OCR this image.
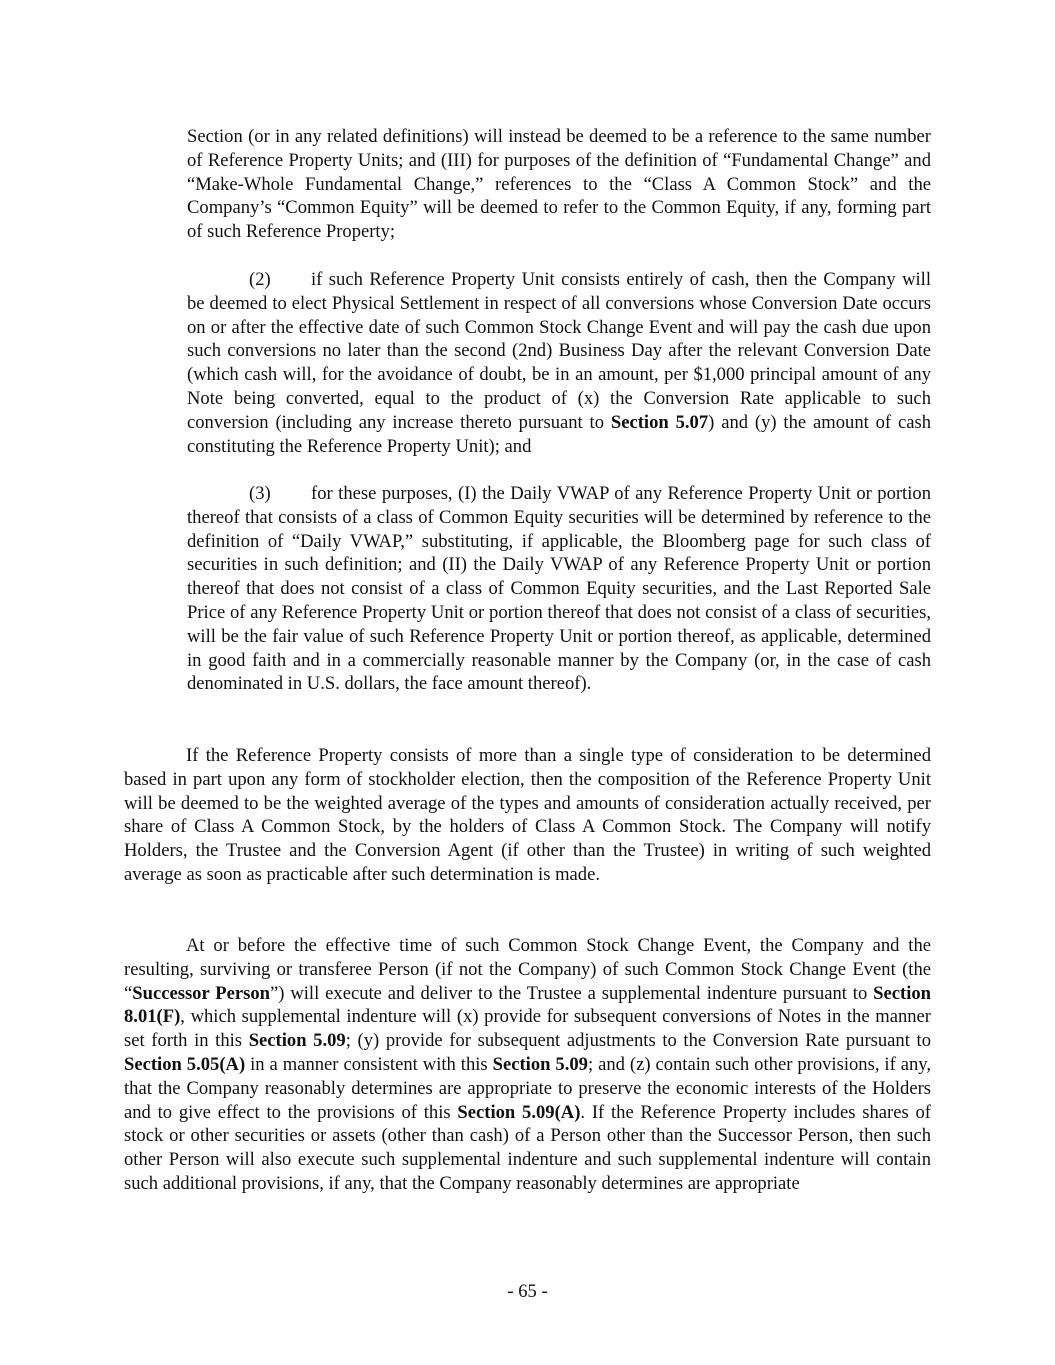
Section (or in any related definitions) will instead be deemed to be a reference to the same number of Reference Property Units; and (III) for purposes of the definition of “Fundamental Change” and “Make-Whole Fundamental Change,” references to the “Class A Common Stock” and the Company’s “Common Equity” will be deemed to refer to the Common Equity, if any, forming part of such Reference Property;

(2) if such Reference Property Unit consists entirely of cash, then the Company will be deemed to elect Physical Settlement in respect of all conversions whose Conversion Date occurs on or after the effective date of such Common Stock Change Event and will pay the cash due upon such conversions no later than the second (2nd) Business Day after the relevant Conversion Date (which cash will, for the avoidance of doubt, be in an amount, per $1,000 principal amount of any Note being converted, equal to the product of (x) the Conversion Rate applicable to such conversion (including any increase thereto pursuant to Section 5.07) and (y) the amount of cash constituting the Reference Property Unit); and

(3) for these purposes, (I) the Daily VWAP of any Reference Property Unit or portion thereof that consists of a class of Common Equity securities will be determined by reference to the definition of “Daily VWAP,” substituting, if applicable, the Bloomberg page for such class of securities in such definition; and (II) the Daily VWAP of any Reference Property Unit or portion thereof that does not consist of a class of Common Equity securities, and the Last Reported Sale Price of any Reference Property Unit or portion thereof that does not consist of a class of securities, will be the fair value of such Reference Property Unit or portion thereof, as applicable, determined in good faith and in a commercially reasonable manner by the Company (or, in the case of cash denominated in U.S. dollars, the face amount thereof).

If the Reference Property consists of more than a single type of consideration to be determined based in part upon any form of stockholder election, then the composition of the Reference Property Unit will be deemed to be the weighted average of the types and amounts of consideration actually received, per share of Class A Common Stock, by the holders of Class A Common Stock. The Company will notify Holders, the Trustee and the Conversion Agent (if other than the Trustee) in writing of such weighted average as soon as practicable after such determination is made.

At or before the effective time of such Common Stock Change Event, the Company and the resulting, surviving or transferee Person (if not the Company) of such Common Stock Change Event (the “Successor Person”) will execute and deliver to the Trustee a supplemental indenture pursuant to Section 8.01(F), which supplemental indenture will (x) provide for subsequent conversions of Notes in the manner set forth in this Section 5.09; (y) provide for subsequent adjustments to the Conversion Rate pursuant to Section 5.05(A) in a manner consistent with this Section 5.09; and (z) contain such other provisions, if any, that the Company reasonably determines are appropriate to preserve the economic interests of the Holders and to give effect to the provisions of this Section 5.09(A). If the Reference Property includes shares of stock or other securities or assets (other than cash) of a Person other than the Successor Person, then such other Person will also execute such supplemental indenture and such supplemental indenture will contain such additional provisions, if any, that the Company reasonably determines are appropriate

- 65 -
